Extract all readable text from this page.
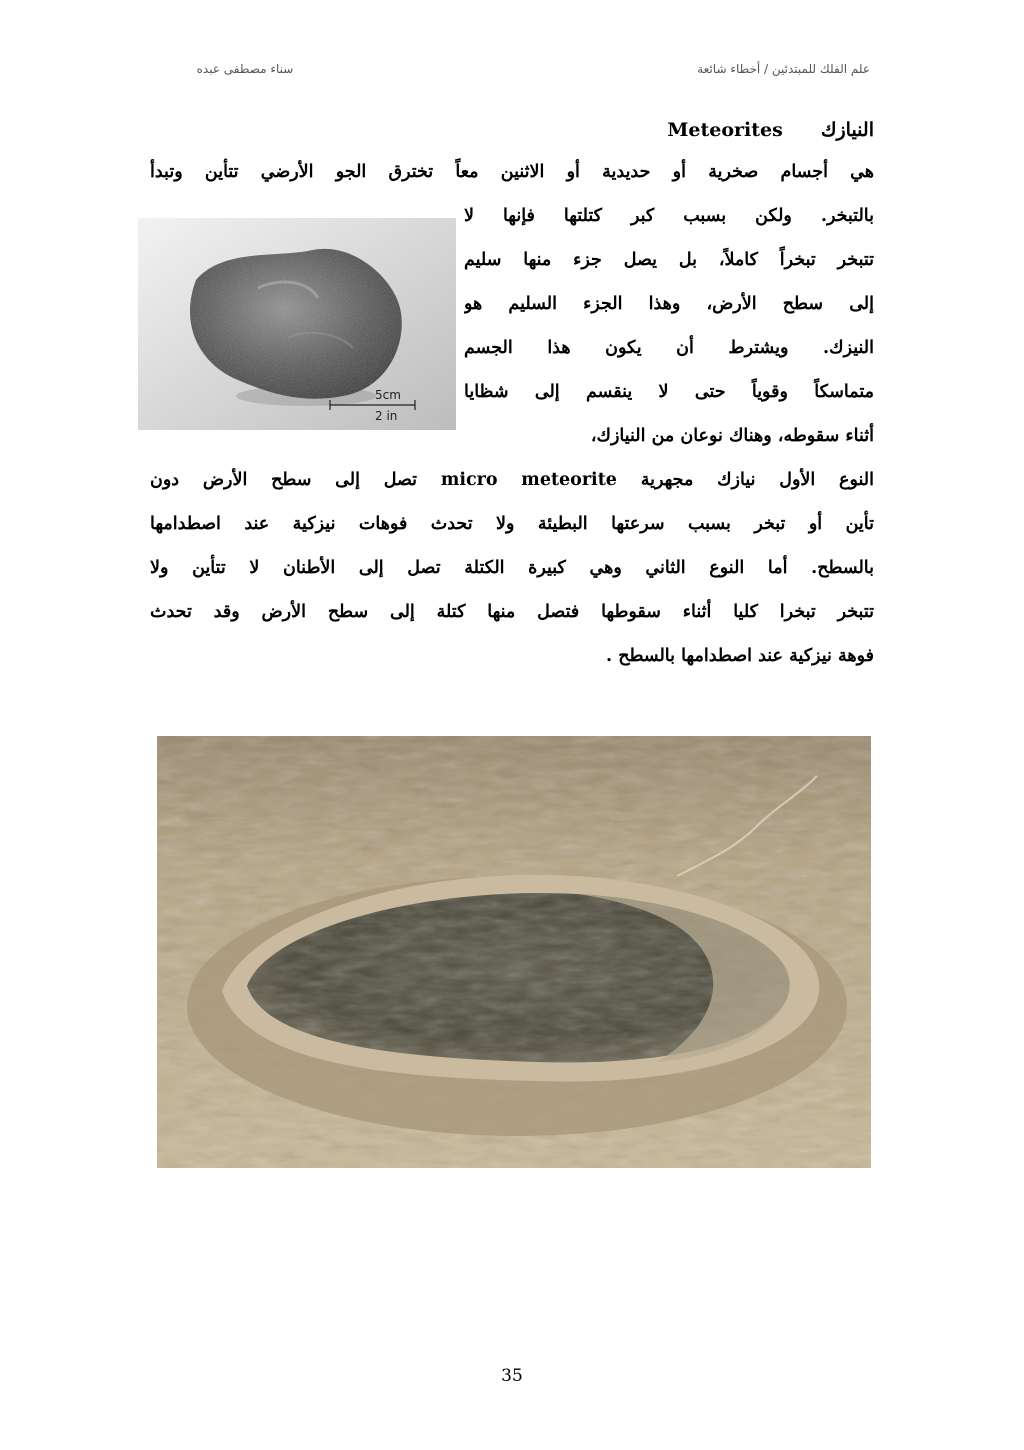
علم الفلك للمبتدئين / أخطاء شائعة
سناء مصطفى عبده
النيازكMeteorites
هي أجسام صخرية أو حديدية أو الاثنين معاً تخترق الجو الأرضي تتأين وتبدأ
بالتبخر. ولكن بسبب كبر كتلتها فإنها لا
تتبخر تبخراً كاملاً، بل يصل جزء منها سليم
إلى سطح الأرض، وهذا الجزء السليم هو
النيزك. ويشترط أن يكون هذا الجسم
متماسكاً وقوياً حتى لا ينقسم إلى شظايا
أثناء سقوطه، وهناك نوعان من النيازك،
النوع الأول نيازك مجهرية micro meteorite تصل إلى سطح الأرض دون
تأين أو تبخر بسبب سرعتها البطيئة ولا تحدث فوهات نيزكية عند اصطدامها
بالسطح. أما النوع الثاني وهي كبيرة الكتلة تصل إلى الأطنان لا تتأين ولا
تتبخر تبخرا كليا أثناء سقوطها فتصل منها كتلة إلى سطح الأرض وقد تحدث
فوهة نيزكية عند اصطدامها بالسطح .
5cm
2 in
35
